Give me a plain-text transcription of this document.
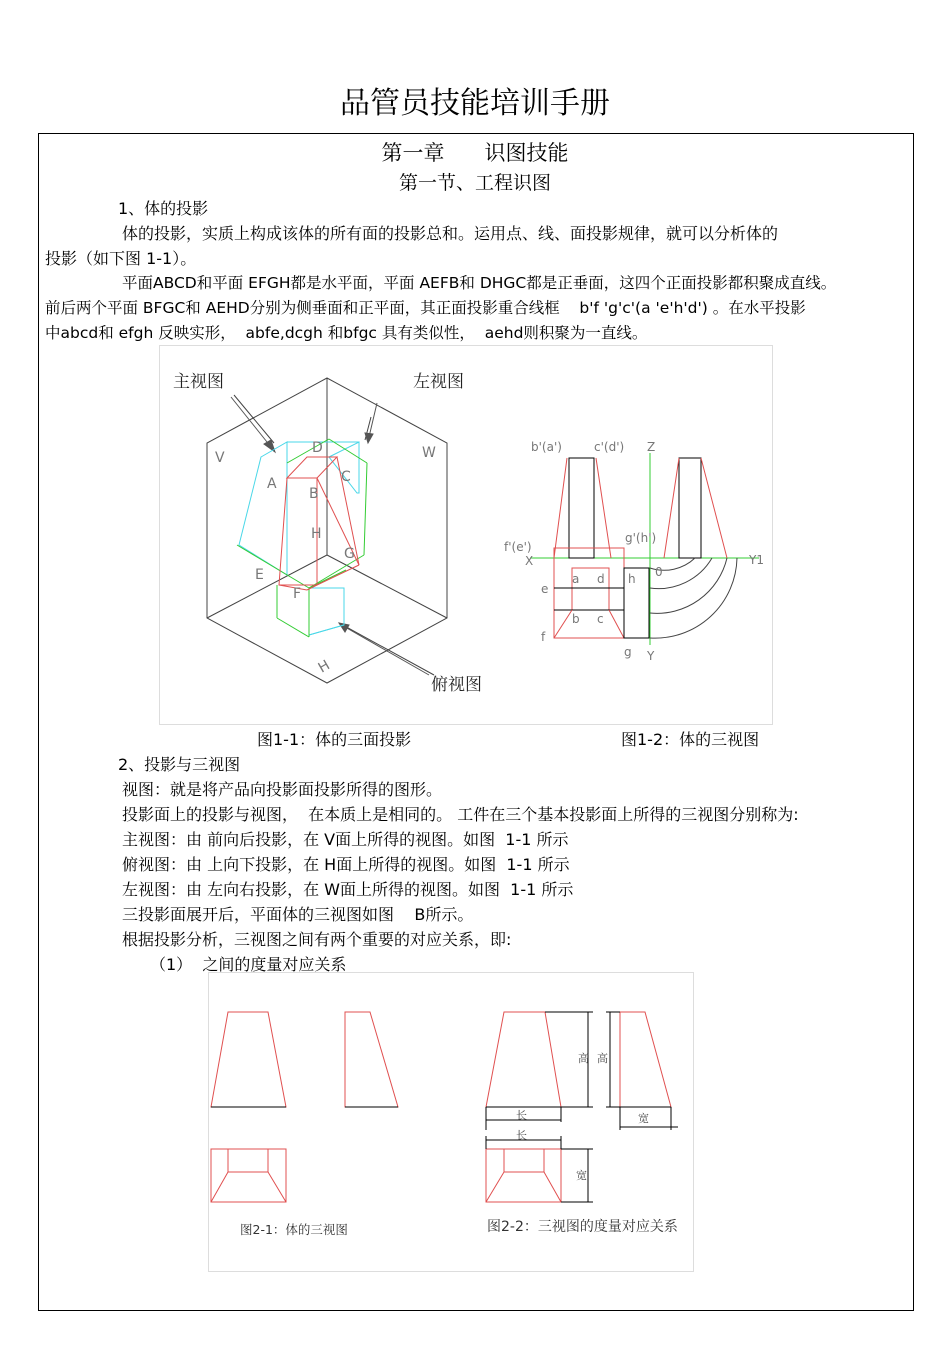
品管员技能培训手册
第一章      识图技能
第一节、工程识图
1、体的投影
体的投影，实质上构成该体的所有面的投影总和。运用点、线、面投影规律，就可以分析体的
投影（如下图 1-1）。
平面ABCD和平面 EFGH都是水平面，平面 AEFB和 DHGC都是正垂面，这四个正面投影都积聚成直线。
前后两个平面 BFGC和 AEHD分别为侧垂面和正平面，其正面投影重合线框    b'f 'g'c'(a 'e'h'd') 。在水平投影
中abcd和 efgh 反映实形，  abfe,dcgh 和bfgc 具有类似性，  aehd则积聚为一直线。
主视图	左视图
俯视图
V	W
H
A
B
C
D
E
F
G
H
b'(a')	c'(d') Z
f'(e')
g'(h')
X	Y1
a d h 0
e
b c
f
g Y
图1-1：体的三面投影	图1-2：体的三视图
2、投影与三视图
视图：就是将产品向投影面投影所得的图形。
投影面上的投影与视图，  在本质上是相同的。 工件在三个基本投影面上所得的三视图分别称为:
主视图：由 前向后投影，在 V面上所得的视图。如图  1-1 所示
俯视图：由 上向下投影，在 H面上所得的视图。如图  1-1 所示
左视图：由 左向右投影，在 W面上所得的视图。如图  1-1 所示
三投影面展开后，平面体的三视图如图    B所示。
根据投影分析，三视图之间有两个重要的对应关系，即:
（1）  之间的度量对应关系
高 高
长
长
宽
宽
图2-1：体的三视图	图2-2：三视图的度量对应关系
